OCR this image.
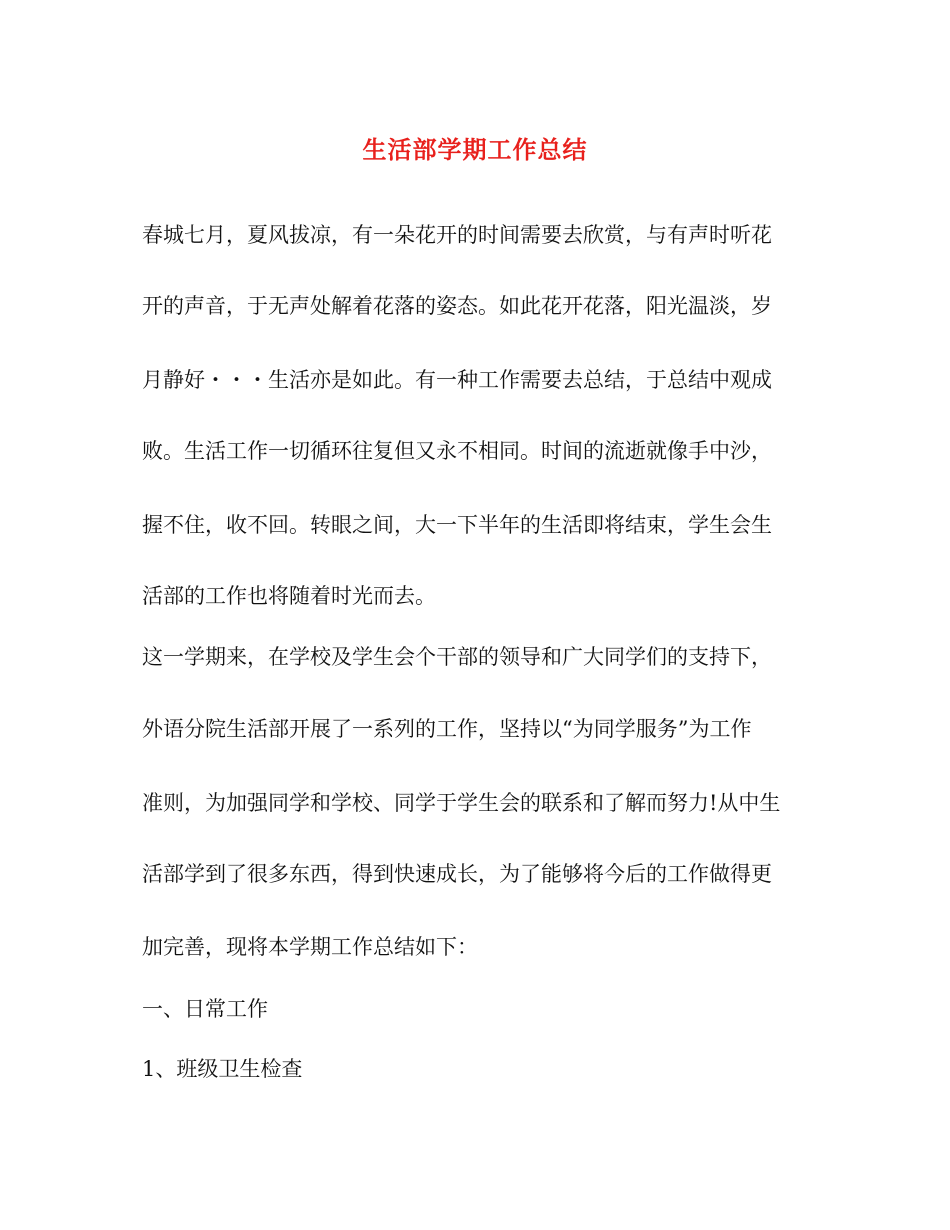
生活部学期工作总结
春城七月，夏风拔凉，有一朵花开的时间需要去欣赏，与有声时听花
开的声音，于无声处解着花落的姿态。如此花开花落，阳光温淡，岁
月静好・・・生活亦是如此。有一种工作需要去总结，于总结中观成
败。生活工作一切循环往复但又永不相同。时间的流逝就像手中沙，
握不住，收不回。转眼之间，大一下半年的生活即将结束，学生会生
活部的工作也将随着时光而去。
这一学期来，在学校及学生会个干部的领导和广大同学们的支持下，
外语分院生活部开展了一系列的工作，坚持以“为同学服务”为工作
准则，为加强同学和学校、同学于学生会的联系和了解而努力!从中生
活部学到了很多东西，得到快速成长，为了能够将今后的工作做得更
加完善，现将本学期工作总结如下：
一、日常工作
1、班级卫生检查
